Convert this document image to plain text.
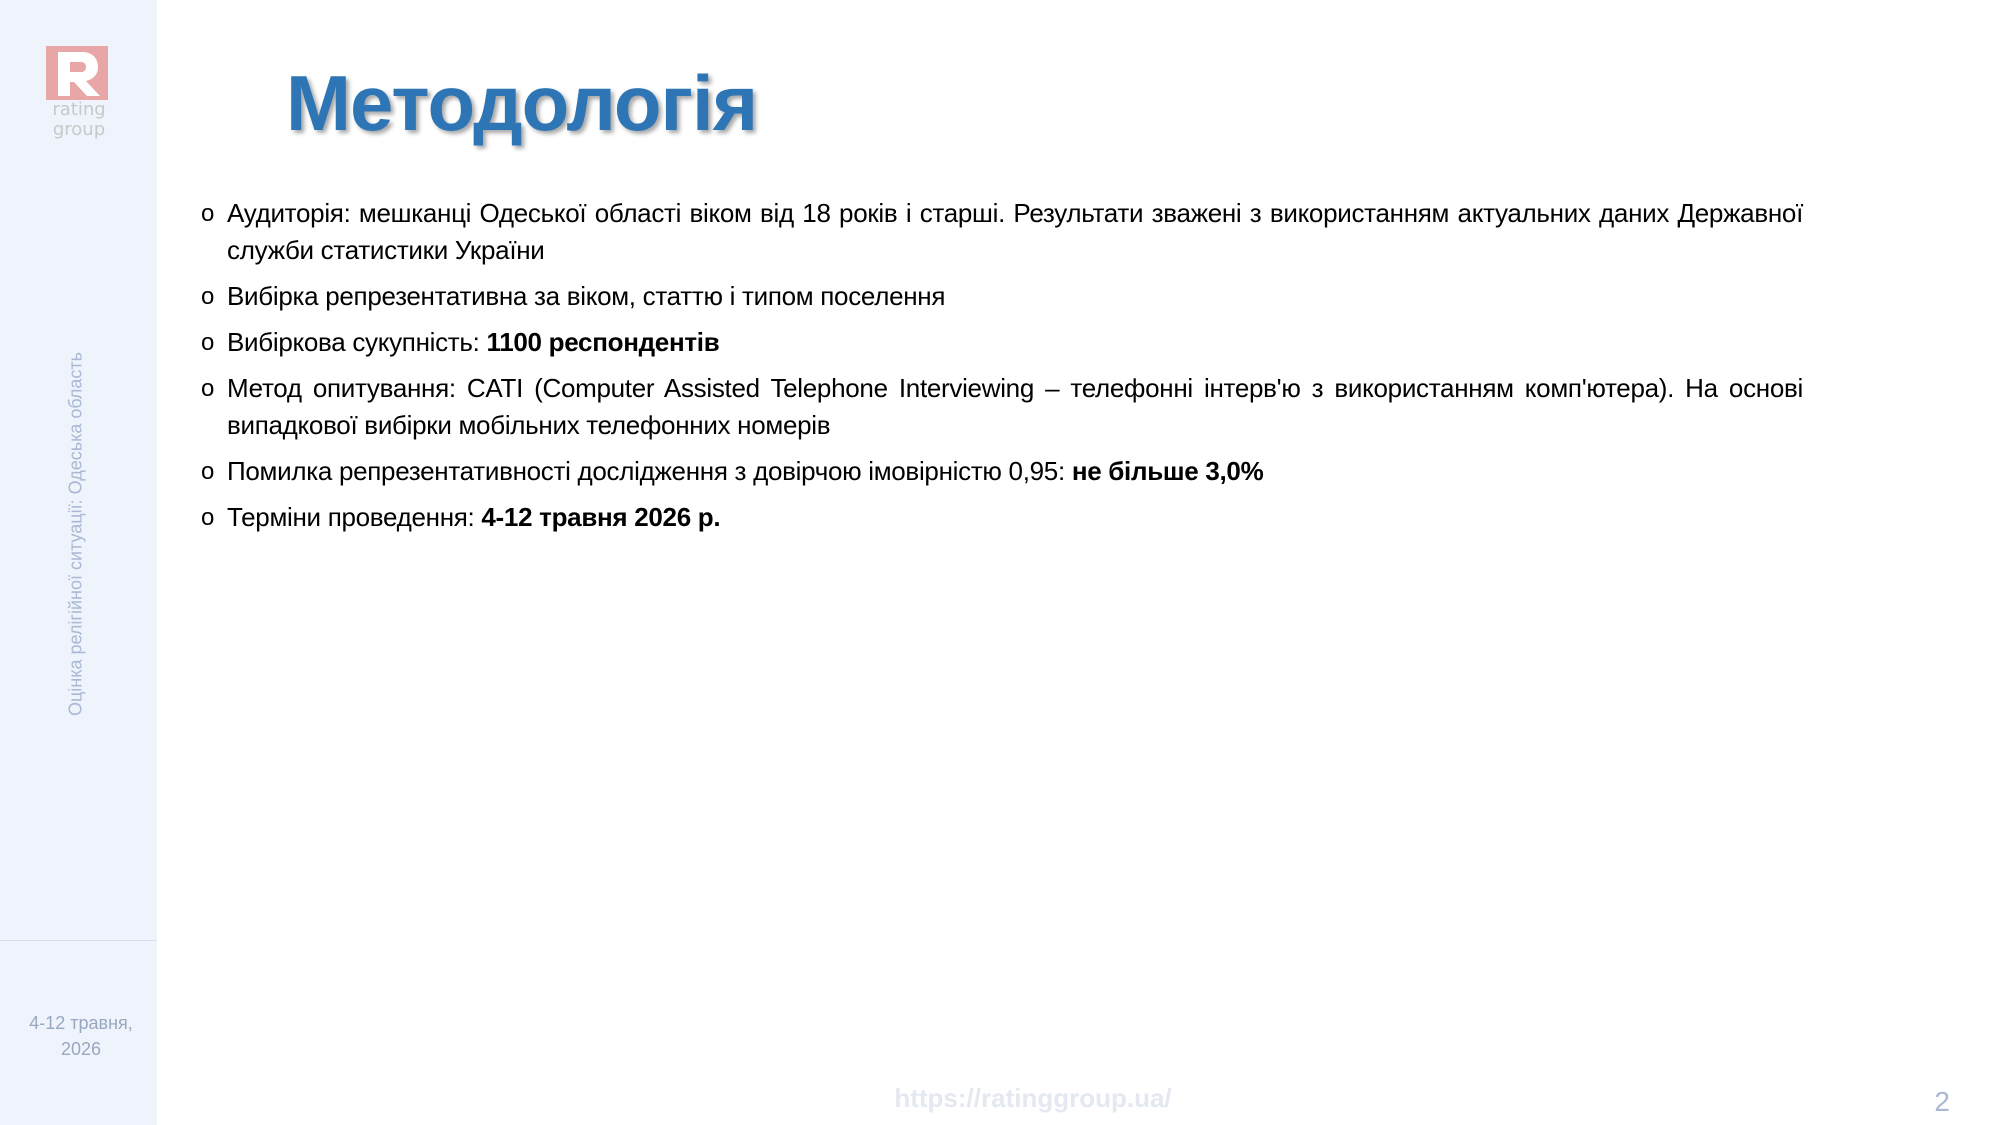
rating
group
Оцінка релігійної ситуації: Одеська область
4-12 травня,
2026
Методологія
o Аудиторія: мешканці Одеської області віком від 18 років і старші. Результати зважені з використанням актуальних даних Державної служби статистики України
o Вибірка репрезентативна за віком, статтю і типом поселення
o Вибіркова сукупність: 1100 респондентів
o Метод опитування: CATI (Computer Assisted Telephone Interviewing – телефонні інтерв'ю з використанням комп'ютера). На основі випадкової вибірки мобільних телефонних номерів
o Помилка репрезентативності дослідження з довірчою імовірністю 0,95: не більше 3,0%
o Терміни проведення: 4-12 травня 2026 р.
https://ratinggroup.ua/	2
